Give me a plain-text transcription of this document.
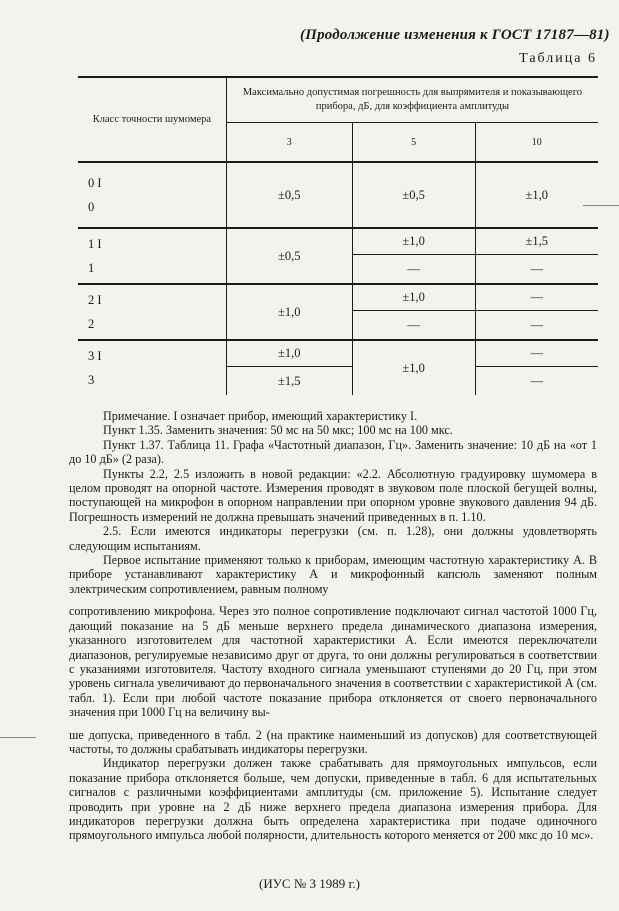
(Продолжение изменения к ГОСТ 17187—81)
Таблица 6
Класс точности шумомера	Максимально допустимая погрешность для выпрямителя и показывающего прибора, дБ, для коэффициента амплитуды		
	3	5	10

0 I
0	±0,5	±0,5	±1,0

1 I
1	±0,5	±1,0	±1,5
		—	—

2 I
2	±1,0	±1,0	—
		—	—

3 I
3	±1,0	±1,0	—
	±1,5		—

Примечание. I означает прибор, имеющий характеристику I.

Пункт 1.35. Заменить значения: 50 мс на 50 мкс; 100 мс на 100 мкс.

Пункт 1.37. Таблица 11. Графа «Частотный диапазон, Гц». Заменить значение: 10 дБ на «от 1 до 10 дБ» (2 раза).

Пункты 2.2, 2.5 изложить в новой редакции: «2.2. Абсолютную градуировку шумомера в целом проводят на опорной частоте. Измерения проводят в звуковом поле плоской бегущей волны, поступающей на микрофон в опорном направлении при опорном уровне звукового давления 94 дБ. Погрешность измерений не должна превышать значений приведенных в п. 1.10.

2.5. Если имеются индикаторы перегрузки (см. п. 1.28), они должны удовлетворять следующим испытаниям.

Первое испытание применяют только к приборам, имеющим частотную характеристику А. В приборе устанавливают характеристику А и микрофонный капсюль заменяют полным электрическим сопротивлением, равным полному

сопротивлению микрофона. Через это полное сопротивление подключают сигнал частотой 1000 Гц, дающий показание на 5 дБ меньше верхнего предела динамического диапазона измерения, указанного изготовителем для частотной характеристики А. Если имеются переключатели диапазонов, регулируемые независимо друг от друга, то они должны регулироваться в соответствии с указаниями изготовителя. Частоту входного сигнала уменьшают ступенями до 20 Гц, при этом уровень сигнала увеличивают до первоначального значения в соответствии с характеристикой А (см. табл. 1). Если при любой частоте показание прибора отклоняется от своего первоначального значения при 1000 Гц на величину вы-

ше допуска, приведенного в табл. 2 (на практике наименьший из допусков) для соответствующей частоты, то должны срабатывать индикаторы перегрузки.

Индикатор перегрузки должен также срабатывать для прямоугольных импульсов, если показание прибора отклоняется больше, чем допуски, приведенные в табл. 6 для испытательных сигналов с различными коэффициентами амплитуды (см. приложение 5). Испытание следует проводить при уровне на 2 дБ ниже верхнего предела диапазона измерения прибора. Для индикаторов перегрузки должна быть определена характеристика при подаче одиночного прямоугольного импульса любой полярности, длительность которого меняется от 200 мкс до 10 мс».

(ИУС № 3 1989 г.)
